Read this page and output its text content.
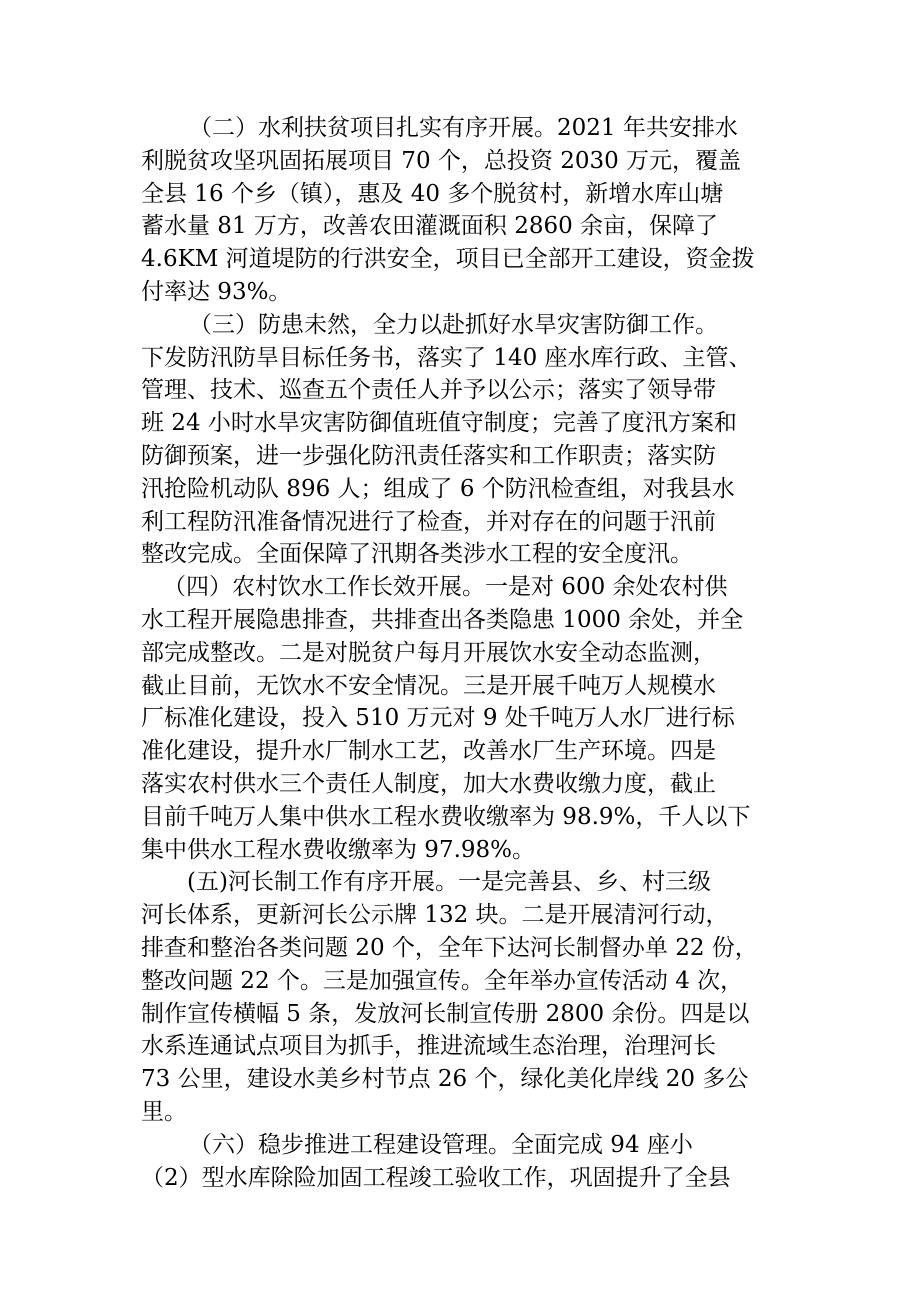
（二）水利扶贫项目扎实有序开展。2021 年共安排水
利脱贫攻坚巩固拓展项目 70 个，总投资 2030 万元，覆盖
全县 16 个乡（镇），惠及 40 多个脱贫村，新增水库山塘
蓄水量 81 万方，改善农田灌溉面积 2860 余亩，保障了
4.6KM 河道堤防的行洪安全，项目已全部开工建设，资金拨
付率达 93%。
（三）防患未然，全力以赴抓好水旱灾害防御工作。
下发防汛防旱目标任务书，落实了 140 座水库行政、主管、
管理、技术、巡查五个责任人并予以公示；落实了领导带
班 24 小时水旱灾害防御值班值守制度；完善了度汛方案和
防御预案，进一步强化防汛责任落实和工作职责；落实防
汛抢险机动队 896 人；组成了 6 个防汛检查组，对我县水
利工程防汛准备情况进行了检查，并对存在的问题于汛前
整改完成。全面保障了汛期各类涉水工程的安全度汛。
（四）农村饮水工作长效开展。一是对 600 余处农村供
水工程开展隐患排查，共排查出各类隐患 1000 余处，并全
部完成整改。二是对脱贫户每月开展饮水安全动态监测，
截止目前，无饮水不安全情况。三是开展千吨万人规模水
厂标准化建设，投入 510 万元对 9 处千吨万人水厂进行标
准化建设，提升水厂制水工艺，改善水厂生产环境。四是
落实农村供水三个责任人制度，加大水费收缴力度，截止
目前千吨万人集中供水工程水费收缴率为 98.9%，千人以下
集中供水工程水费收缴率为 97.98%。
(五)河长制工作有序开展。一是完善县、乡、村三级
河长体系，更新河长公示牌 132 块。二是开展清河行动，
排查和整治各类问题 20 个，全年下达河长制督办单 22 份，
整改问题 22 个。三是加强宣传。全年举办宣传活动 4 次，
制作宣传横幅 5 条，发放河长制宣传册 2800 余份。四是以
水系连通试点项目为抓手，推进流域生态治理，治理河长
73 公里，建设水美乡村节点 26 个，绿化美化岸线 20 多公
里。
（六）稳步推进工程建设管理。全面完成 94 座小
（2）型水库除险加固工程竣工验收工作，巩固提升了全县
